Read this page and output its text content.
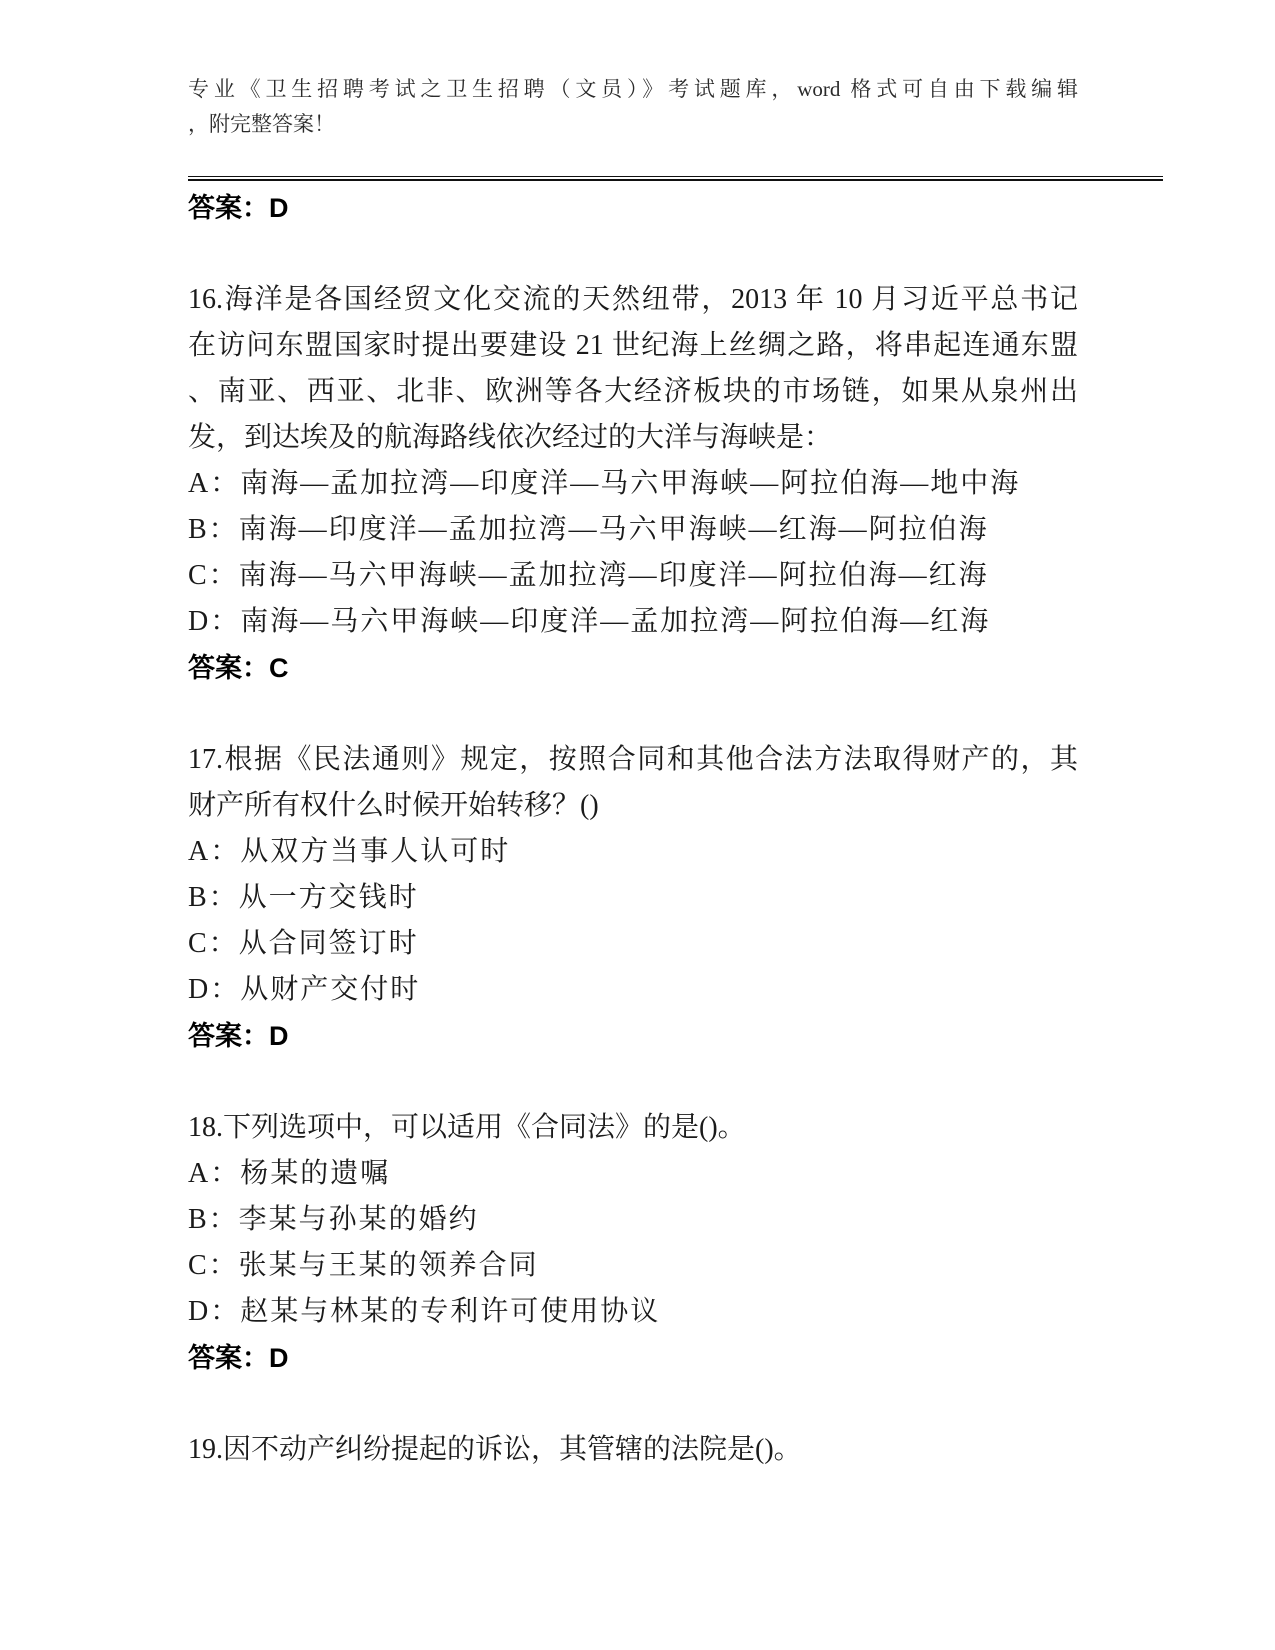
专业《卫生招聘考试之卫生招聘（文员）》考试题库，word 格式可自由下载编辑
，附完整答案！
答案：D
16.海洋是各国经贸文化交流的天然纽带，2013 年 10 月习近平总书记
在访问东盟国家时提出要建设 21 世纪海上丝绸之路，将串起连通东盟
、南亚、西亚、北非、欧洲等各大经济板块的市场链，如果从泉州出
发，到达埃及的航海路线依次经过的大洋与海峡是：
A：南海—孟加拉湾—印度洋—马六甲海峡—阿拉伯海—地中海
B：南海—印度洋—孟加拉湾—马六甲海峡—红海—阿拉伯海
C：南海—马六甲海峡—孟加拉湾—印度洋—阿拉伯海—红海
D：南海—马六甲海峡—印度洋—孟加拉湾—阿拉伯海—红海
答案：C
17.根据《民法通则》规定，按照合同和其他合法方法取得财产的，其
财产所有权什么时候开始转移？()
A：从双方当事人认可时
B：从一方交钱时
C：从合同签订时
D：从财产交付时
答案：D
18.下列选项中，可以适用《合同法》的是()。
A：杨某的遗嘱
B：李某与孙某的婚约
C：张某与王某的领养合同
D：赵某与林某的专利许可使用协议
答案：D
19.因不动产纠纷提起的诉讼，其管辖的法院是()。
